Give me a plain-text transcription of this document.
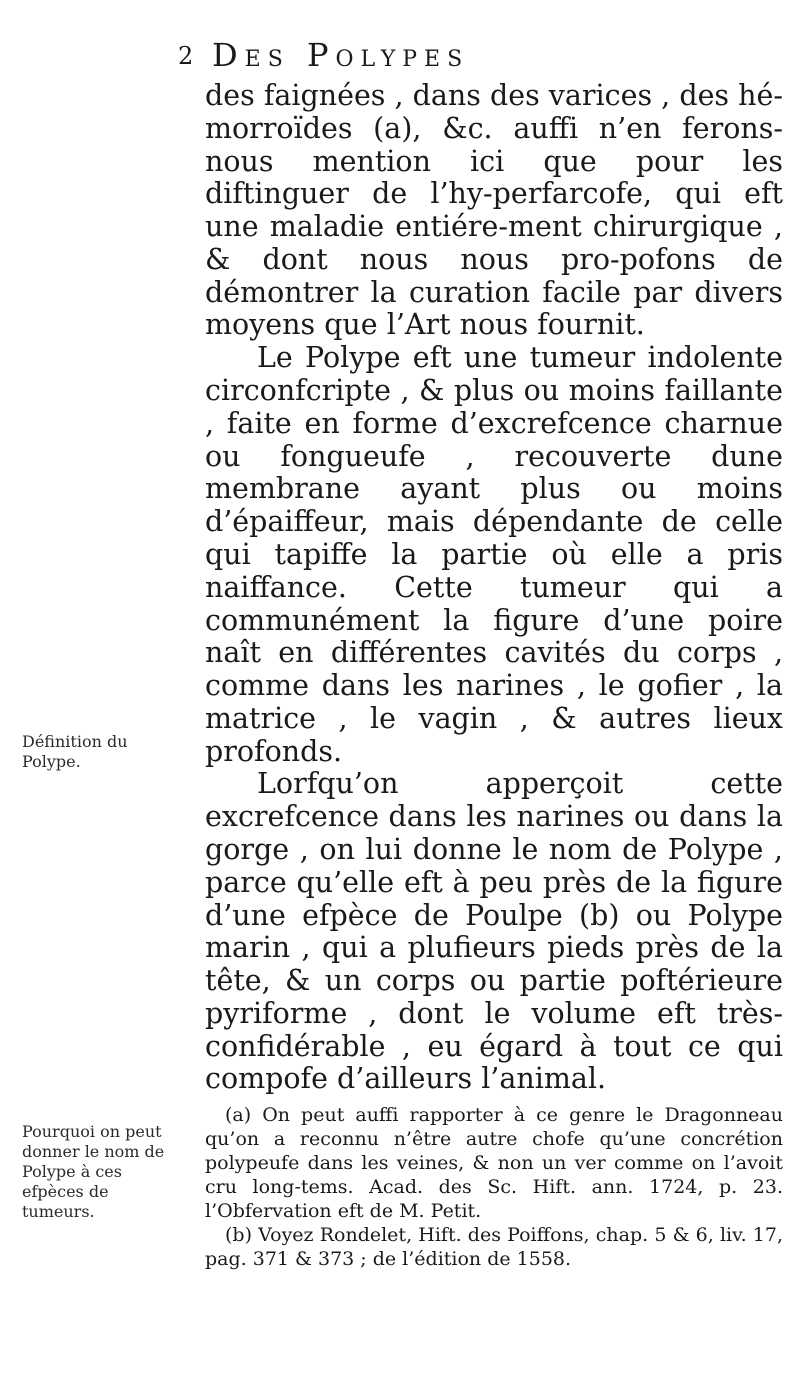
2 Des Polypes

des faignées , dans des varices , des hé-morroïdes (a), &c. auffi n’en ferons-nous mention ici que pour les diftinguer de l’hy-perfarcofe, qui eft une maladie entiére-ment chirurgique , & dont nous nous pro-pofons de démontrer la curation facile par divers moyens que l’Art nous fournit.

Le Polype eft une tumeur indolente circonfcripte , & plus ou moins faillante , faite en forme d’excrefcence charnue ou fongueufe , recouverte dune membrane ayant plus ou moins d’épaiffeur, mais dépendante de celle qui tapiffe la partie où elle a pris naiffance. Cette tumeur qui a communément la figure d’une poire naît en différentes cavités du corps , comme dans les narines , le gofier , la matrice , le vagin , & autres lieux profonds.

Lorfqu’on apperçoit cette excrefcence dans les narines ou dans la gorge , on lui donne le nom de Polype , parce qu’elle eft à peu près de la figure d’une efpèce de Poulpe (b) ou Polype marin , qui a plufieurs pieds près de la tête, & un corps ou partie poftérieure pyriforme , dont le volume eft très-confidérable , eu égard à tout ce qui compofe d’ailleurs l’animal.

Définition du Polype.
Pourquoi on peut donner le nom de Polype à ces efpèces de tumeurs.

(a) On peut auffi rapporter à ce genre le Dragonneau qu’on a reconnu n’être autre chofe qu’une concrétion polypeufe dans les veines, & non un ver comme on l’avoit cru long-tems. Acad. des Sc. Hift. ann. 1724, p. 23. l’Obfervation eft de M. Petit.

(b) Voyez Rondelet, Hift. des Poiffons, chap. 5 & 6, liv. 17, pag. 371 & 373 ; de l’édition de 1558.
